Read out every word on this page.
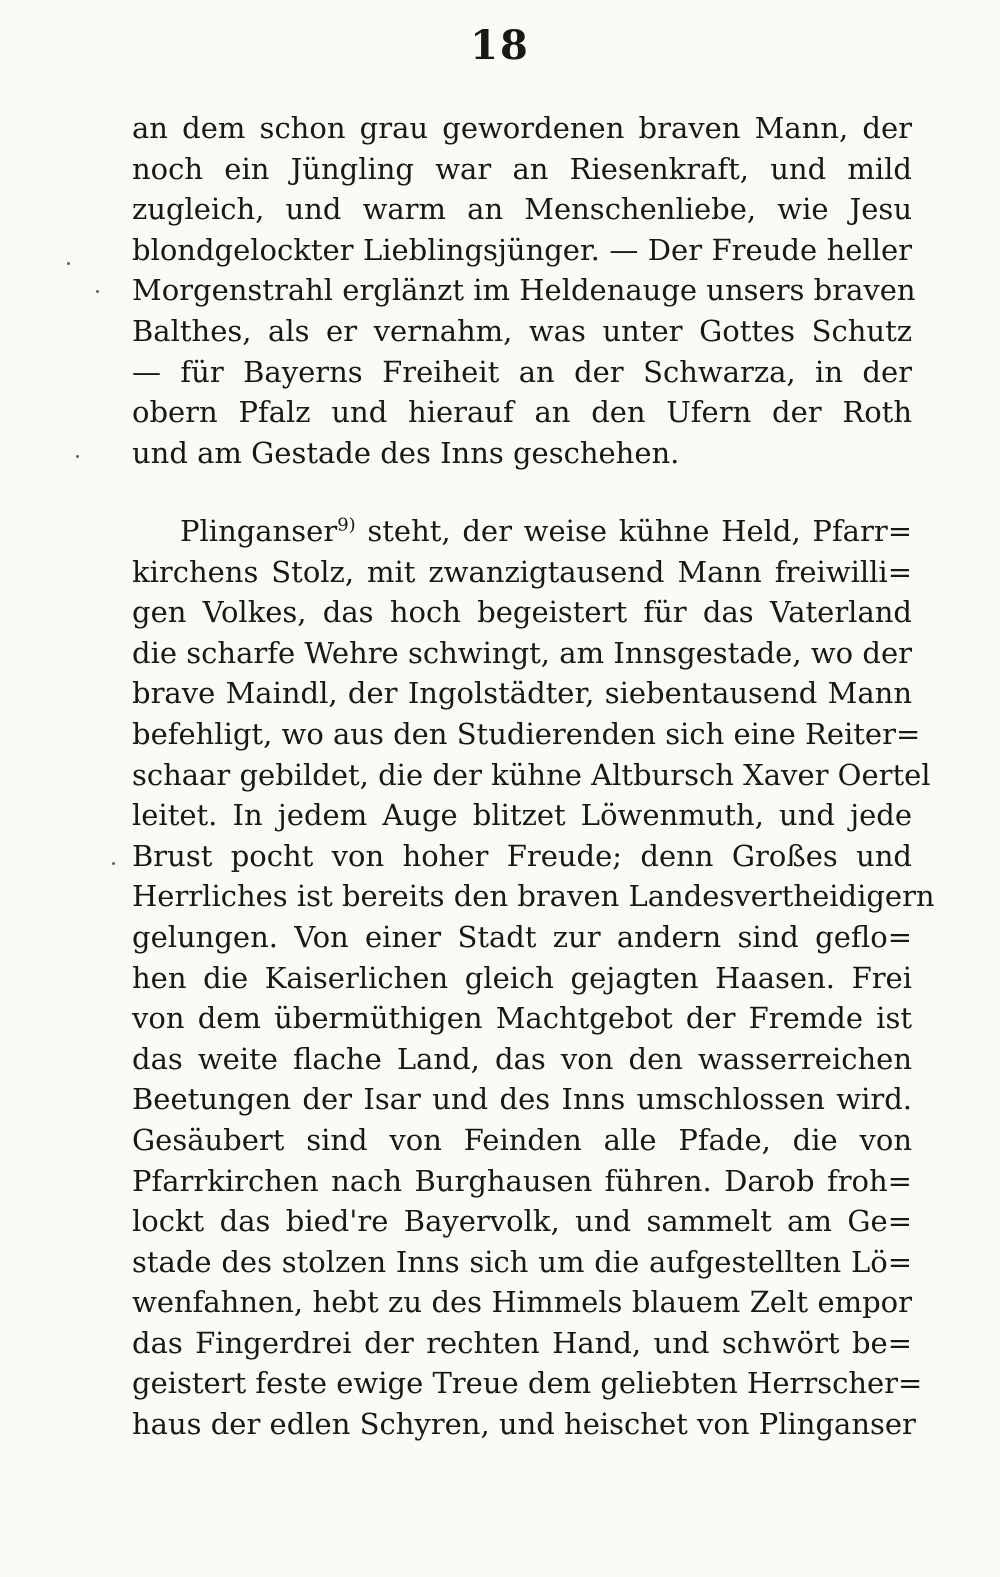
18
an dem schon grau gewordenen braven Mann, der
noch ein Jüngling war an Riesenkraft, und mild
zugleich, und warm an Menschenliebe, wie Jesu
blondgelockter Lieblingsjünger. — Der Freude heller
Morgenstrahl erglänzt im Heldenauge unsers braven
Balthes, als er vernahm, was unter Gottes Schutz
— für Bayerns Freiheit an der Schwarza, in der
obern Pfalz und hierauf an den Ufern der Roth
und am Gestade des Inns geschehen.
Plinganser$^{9)}$ steht, der weise kühne Held, Pfarr=
kirchens Stolz, mit zwanzigtausend Mann freiwilli=
gen Volkes, das hoch begeistert für das Vaterland
die scharfe Wehre schwingt, am Innsgestade, wo der
brave Maindl, der Ingolstädter, siebentausend Mann
befehligt, wo aus den Studierenden sich eine Reiter=
schaar gebildet, die der kühne Altbursch Xaver Oertel
leitet. In jedem Auge blitzet Löwenmuth, und jede
Brust pocht von hoher Freude; denn Großes und
Herrliches ist bereits den braven Landesvertheidigern
gelungen. Von einer Stadt zur andern sind geflo=
hen die Kaiserlichen gleich gejagten Haasen. Frei
von dem übermüthigen Machtgebot der Fremde ist
das weite flache Land, das von den wasserreichen
Beetungen der Isar und des Inns umschlossen wird.
Gesäubert sind von Feinden alle Pfade, die von
Pfarrkirchen nach Burghausen führen. Darob froh=
lockt das bied're Bayervolk, und sammelt am Ge=
stade des stolzen Inns sich um die aufgestellten Lö=
wenfahnen, hebt zu des Himmels blauem Zelt empor
das Fingerdrei der rechten Hand, und schwört be=
geistert feste ewige Treue dem geliebten Herrscher=
haus der edlen Schyren, und heischet von Plinganser
